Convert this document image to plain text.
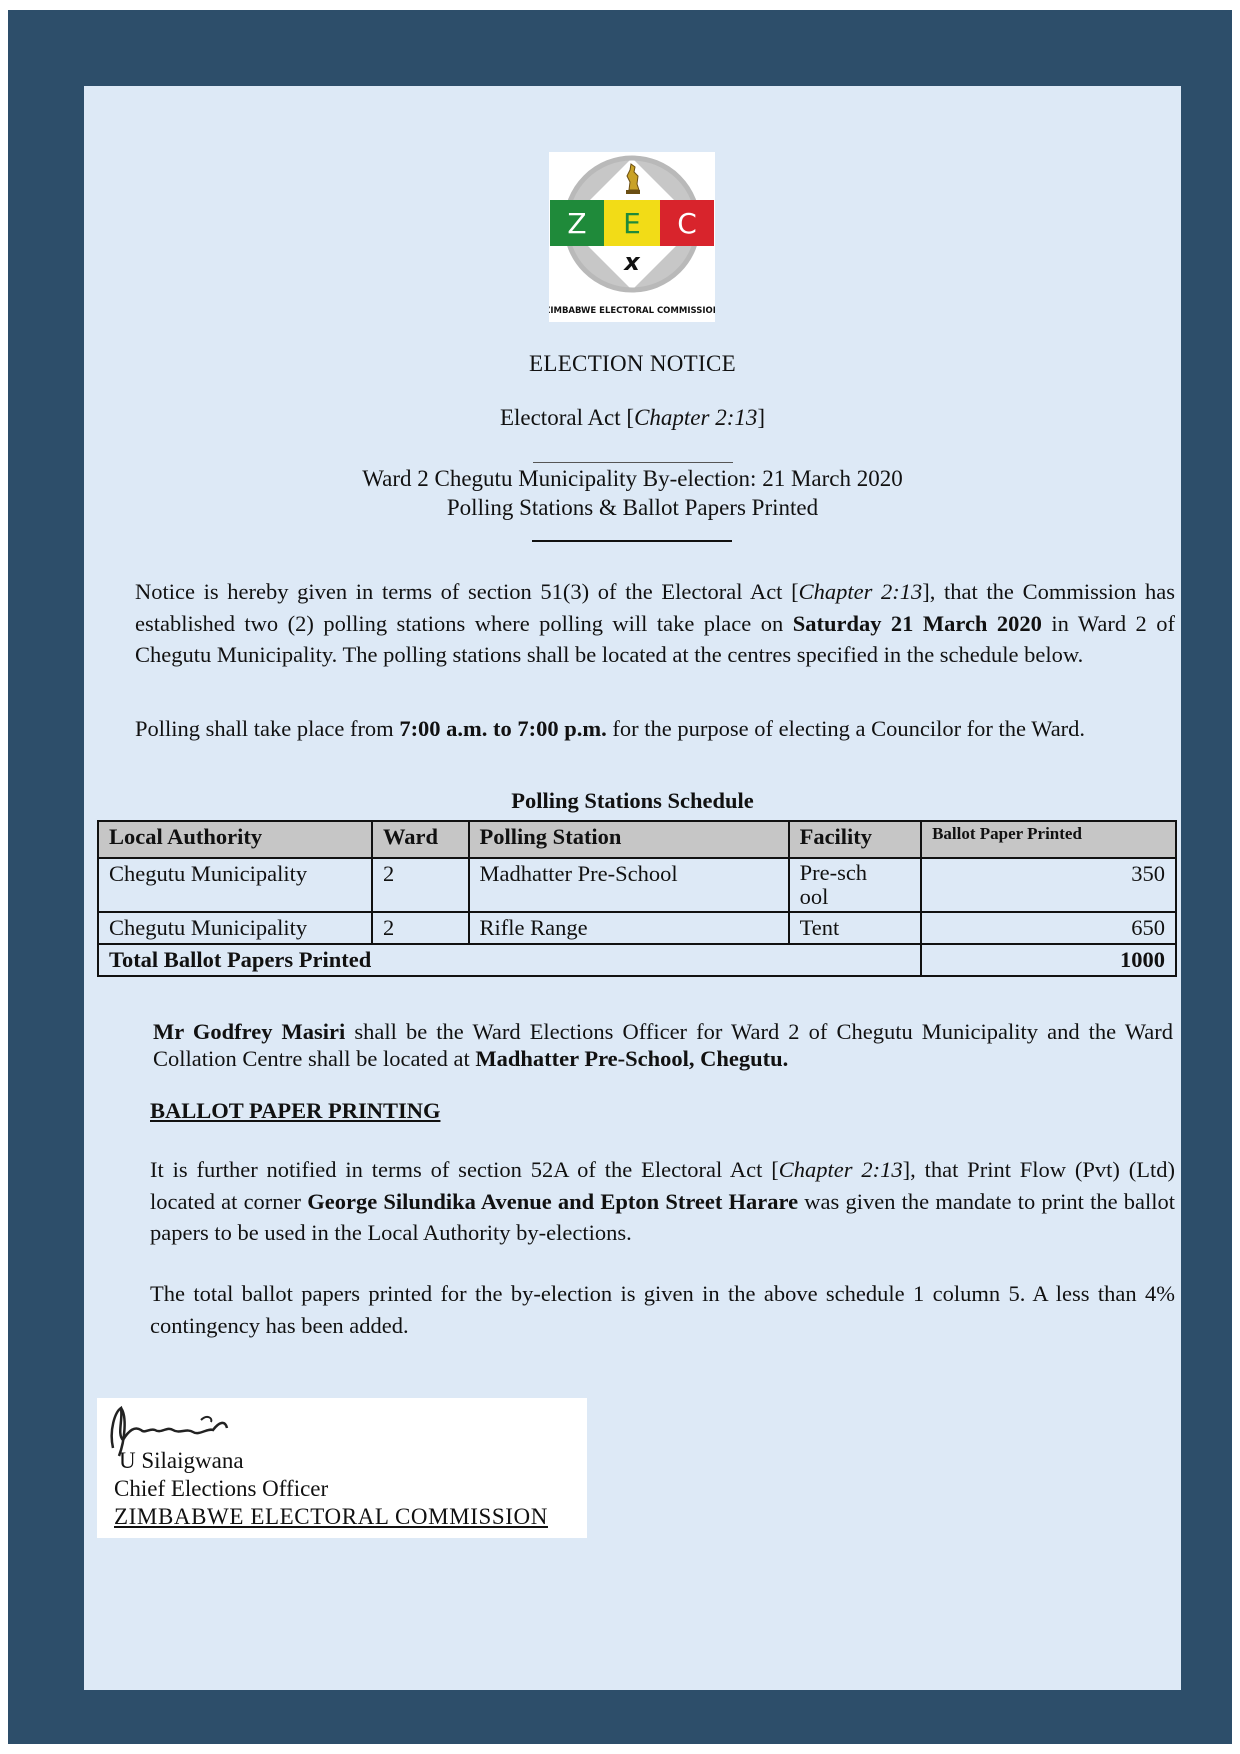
Z E C
x
ZIMBABWE ELECTORAL COMMISSION
ELECTION NOTICE
Electoral Act [Chapter 2:13]
Ward 2 Chegutu Municipality By-election: 21 March 2020
Polling Stations & Ballot Papers Printed
Notice is hereby given in terms of section 51(3) of the Electoral Act [Chapter 2:13], that the Commission has established two (2) polling stations where polling will take place on Saturday 21 March 2020 in Ward 2 of Chegutu Municipality. The polling stations shall be located at the centres specified in the schedule below.
Polling shall take place from 7:00 a.m. to 7:00 p.m. for the purpose of electing a Councilor for the Ward.
Polling Stations Schedule
Local Authority	Ward	Polling Station	Facility	Ballot Paper Printed
Chegutu Municipality	2	Madhatter Pre-School	Pre-school	350
Chegutu Municipality	2	Rifle Range	Tent	650
Total Ballot Papers Printed				1000
Mr Godfrey Masiri shall be the Ward Elections Officer for Ward 2 of Chegutu Municipality and the Ward Collation Centre shall be located at Madhatter Pre-School, Chegutu.
BALLOT PAPER PRINTING
It is further notified in terms of section 52A of the Electoral Act [Chapter 2:13], that Print Flow (Pvt) (Ltd) located at corner George Silundika Avenue and Epton Street Harare was given the mandate to print the ballot papers to be used in the Local Authority by-elections.
The total ballot papers printed for the by-election is given in the above schedule 1 column 5. A less than 4% contingency has been added.
U Silaigwana
Chief Elections Officer
ZIMBABWE ELECTORAL COMMISSION
